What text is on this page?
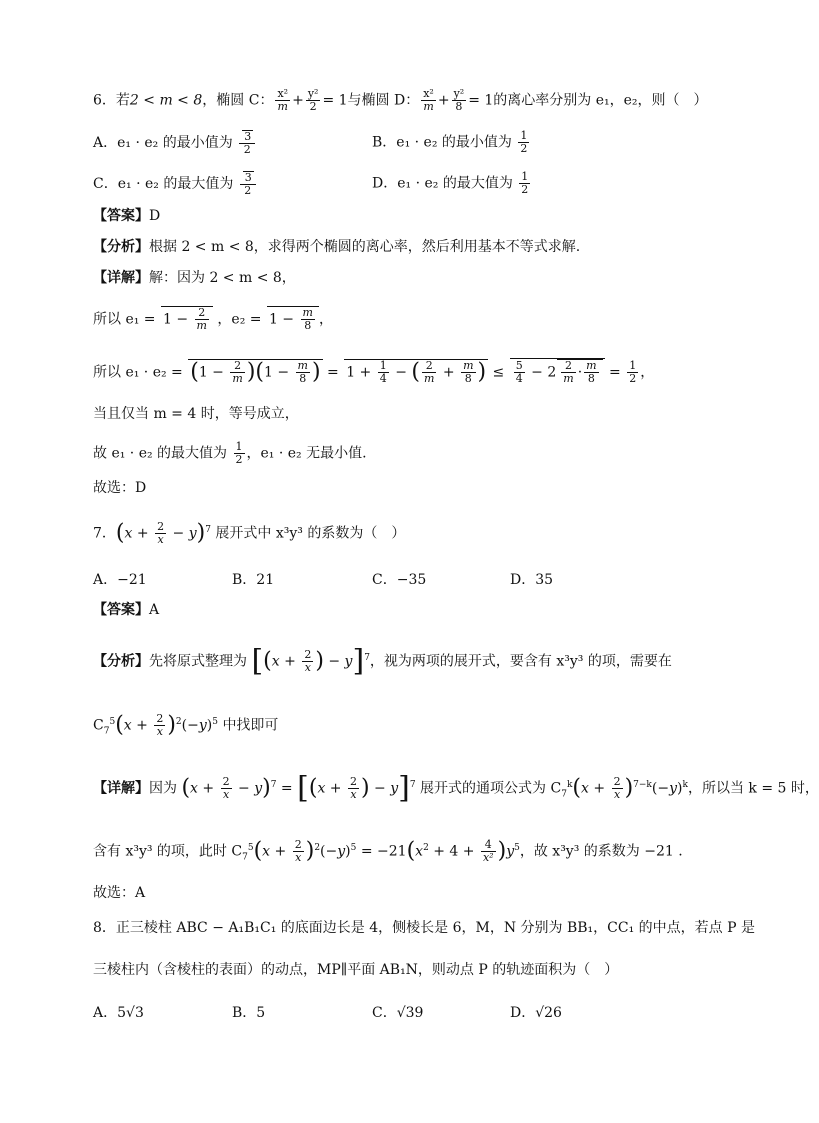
6．若2 < m < 8，椭圆 C： $\frac{\text{x²}}{m} + \frac{\text{y²}}{2} = 1$与椭圆 D： $\frac{\text{x²}}{m} + \frac{\text{y²}}{8} = 1$的离心率分别为 e₁，e₂，则（　）
A．e₁ · e₂ 的最小值为 $\frac{3}{2}$	B．e₁ · e₂ 的最小值为 $\frac{1}{2}$
C．e₁ · e₂ 的最大值为 $\frac{3}{2}$	D．e₁ · e₂ 的最大值为 $\frac{1}{2}$
【答案】D
【分析】根据 2 < m < 8，求得两个椭圆的离心率，然后利用基本不等式求解.
【详解】解：因为 2 < m < 8，
所以 $e_1 = 1 - \frac{2}{m}$ ，$e_2 = 1 - \frac{m}{8}$ ，
所以 $e_1 \cdot e_2 = (1 - \frac{2}{m} )(1 - \frac{m}{8}$ ) = $1 + \frac{1}{4}$ − ( $\frac{2}{m} + \frac{m}{8}$ ) ≤ $\frac{5}{4} - 2 \frac{2}{m} \cdot \frac{m}{8} = \frac{1}{2}$ ，
当且仅当 m = 4 时，等号成立，
故 e₁ · e₂ 的最大值为 $\frac{1}{2}$ ，e₁ · e₂ 无最小值.
故选：D
7．$(x + \frac{2}{x} - y)^7$ 展开式中 x³y³ 的系数为（　）
A．−21	B．21	C．−35	D．35
【答案】A
【分析】先将原式整理为 [($x + \frac{2}{x}$ ) − y]$^7$，视为两项的展开式，要含有 x³y³ 的项，需要在
$C_7^5(x + \frac{2}{x} )^2(-y)^5$ 中找即可
【详解】因为 $(x + \frac{2}{x} - y)^7 = [(x + \frac{2}{x}$ ) − y]$^7$ 展开式的通项公式为 $C_7^k(x + \frac{2}{x} )^{7-k}(-y)^k$，所以当 k = 5 时，
含有 x³y³ 的项，此时 $C_7^5(x + \frac{2}{x} )^2(-y)^5 = -21(x^2 + 4 + \frac{4}{\text{x²}} )y^5$，故 x³y³ 的系数为 −21 .
故选：A
8．正三棱柱 ABC − A₁B₁C₁ 的底面边长是 4，侧棱长是 6，M，N 分别为 BB₁，CC₁ 的中点，若点 P 是
三棱柱内（含棱柱的表面）的动点，MP∥平面 AB₁N，则动点 P 的轨迹面积为（　）
A．5√3	B．5	C．√39	D．√26
